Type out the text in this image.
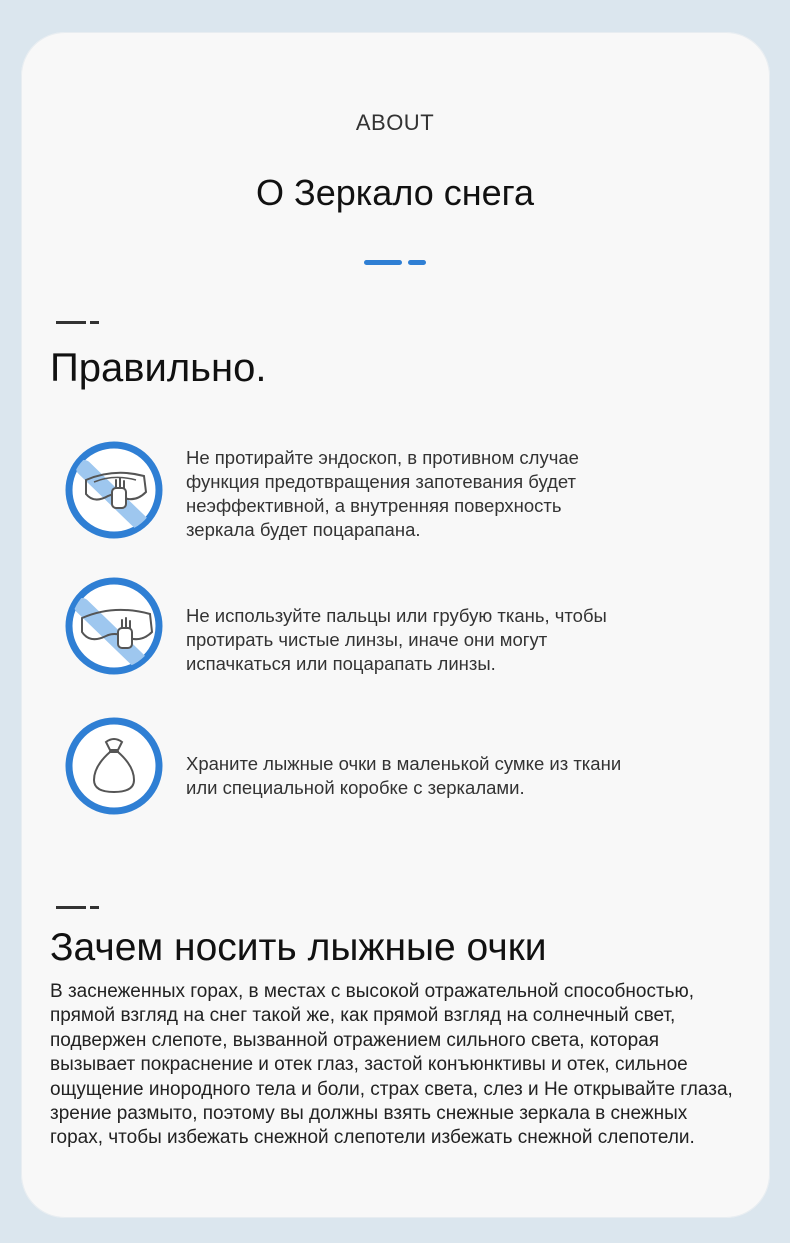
ABOUT
О Зеркало снега
Правильно.
Не протирайте эндоскоп, в противном случае функция предотвращения запотевания будет неэффективной, а внутренняя поверхность зеркала будет поцарапана.
Не используйте пальцы или грубую ткань, чтобы протирать чистые линзы, иначе они могут испачкаться или поцарапать линзы.
Храните лыжные очки в маленькой сумке из ткани или специальной коробке с зеркалами.
Зачем носить лыжные очки
В заснеженных горах, в местах с высокой отражательной способностью, прямой взгляд на снег такой же, как прямой взгляд на солнечный свет, подвержен слепоте, вызванной отражением сильного света, которая вызывает покраснение и отек глаз, застой конъюнктивы и отек, сильное ощущение инородного тела и боли, страх света, слез и Не открывайте глаза, зрение размыто, поэтому вы должны взять снежные зеркала в снежных горах, чтобы избежать снежной слепотели избежать снежной слепотели.
